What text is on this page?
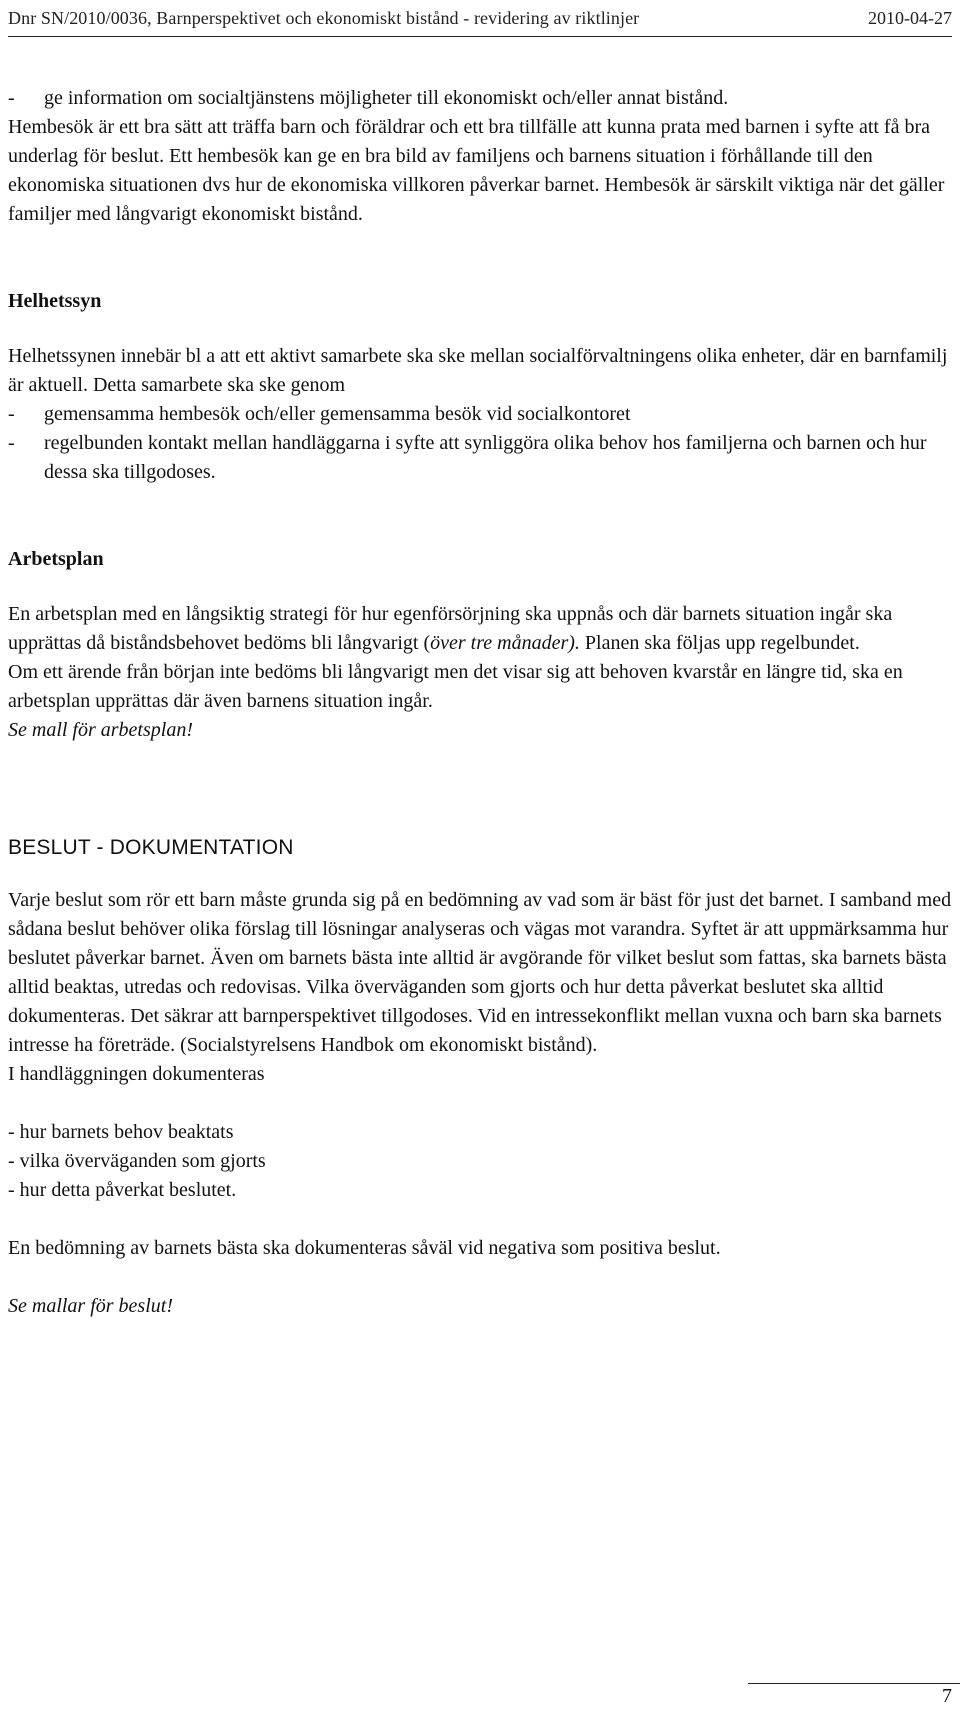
Dnr SN/2010/0036, Barnperspektivet och ekonomiskt bistånd - revidering av riktlinjer	2010-04-27
-	ge information om socialtjänstens möjligheter till ekonomiskt och/eller annat bistånd.

Hembesök är ett bra sätt att träffa barn och föräldrar och ett bra tillfälle att kunna prata med barnen i syfte att få bra underlag för beslut. Ett hembesök kan ge en bra bild av familjens och barnens situation i förhållande till den ekonomiska situationen dvs hur de ekonomiska villkoren påverkar barnet. Hembesök är särskilt viktiga när det gäller familjer med långvarigt ekonomiskt bistånd.

Helhetssyn

Helhetssynen innebär bl a att ett aktivt samarbete ska ske mellan socialförvaltningens olika enheter, där en barnfamilj är aktuell. Detta samarbete ska ske genom

-	gemensamma hembesök och/eller gemensamma besök vid socialkontoret
-	regelbunden kontakt mellan handläggarna i syfte att synliggöra olika behov hos familjerna och barnen och hur dessa ska tillgodoses.

Arbetsplan

En arbetsplan med en långsiktig strategi för hur egenförsörjning ska uppnås och där barnets situation ingår ska upprättas då biståndsbehovet bedöms bli långvarigt (över tre månader). Planen ska följas upp regelbundet.

Om ett ärende från början inte bedöms bli långvarigt men det visar sig att behoven kvarstår en längre tid, ska en arbetsplan upprättas där även barnens situation ingår.

Se mall för arbetsplan!

BESLUT - DOKUMENTATION

Varje beslut som rör ett barn måste grunda sig på en bedömning av vad som är bäst för just det barnet. I samband med sådana beslut behöver olika förslag till lösningar analyseras och vägas mot varandra. Syftet är att uppmärksamma hur beslutet påverkar barnet. Även om barnets bästa inte alltid är avgörande för vilket beslut som fattas, ska barnets bästa alltid beaktas, utredas och redovisas. Vilka överväganden som gjorts och hur detta påverkat beslutet ska alltid dokumenteras. Det säkrar att barnperspektivet tillgodoses. Vid en intressekonflikt mellan vuxna och barn ska barnets intresse ha företräde. (Socialstyrelsens Handbok om ekonomiskt bistånd).

I handläggningen dokumenteras

- hur barnets behov beaktats

- vilka överväganden som gjorts

- hur detta påverkat beslutet.

En bedömning av barnets bästa ska dokumenteras såväl vid negativa som positiva beslut.

Se mallar för beslut!

7
